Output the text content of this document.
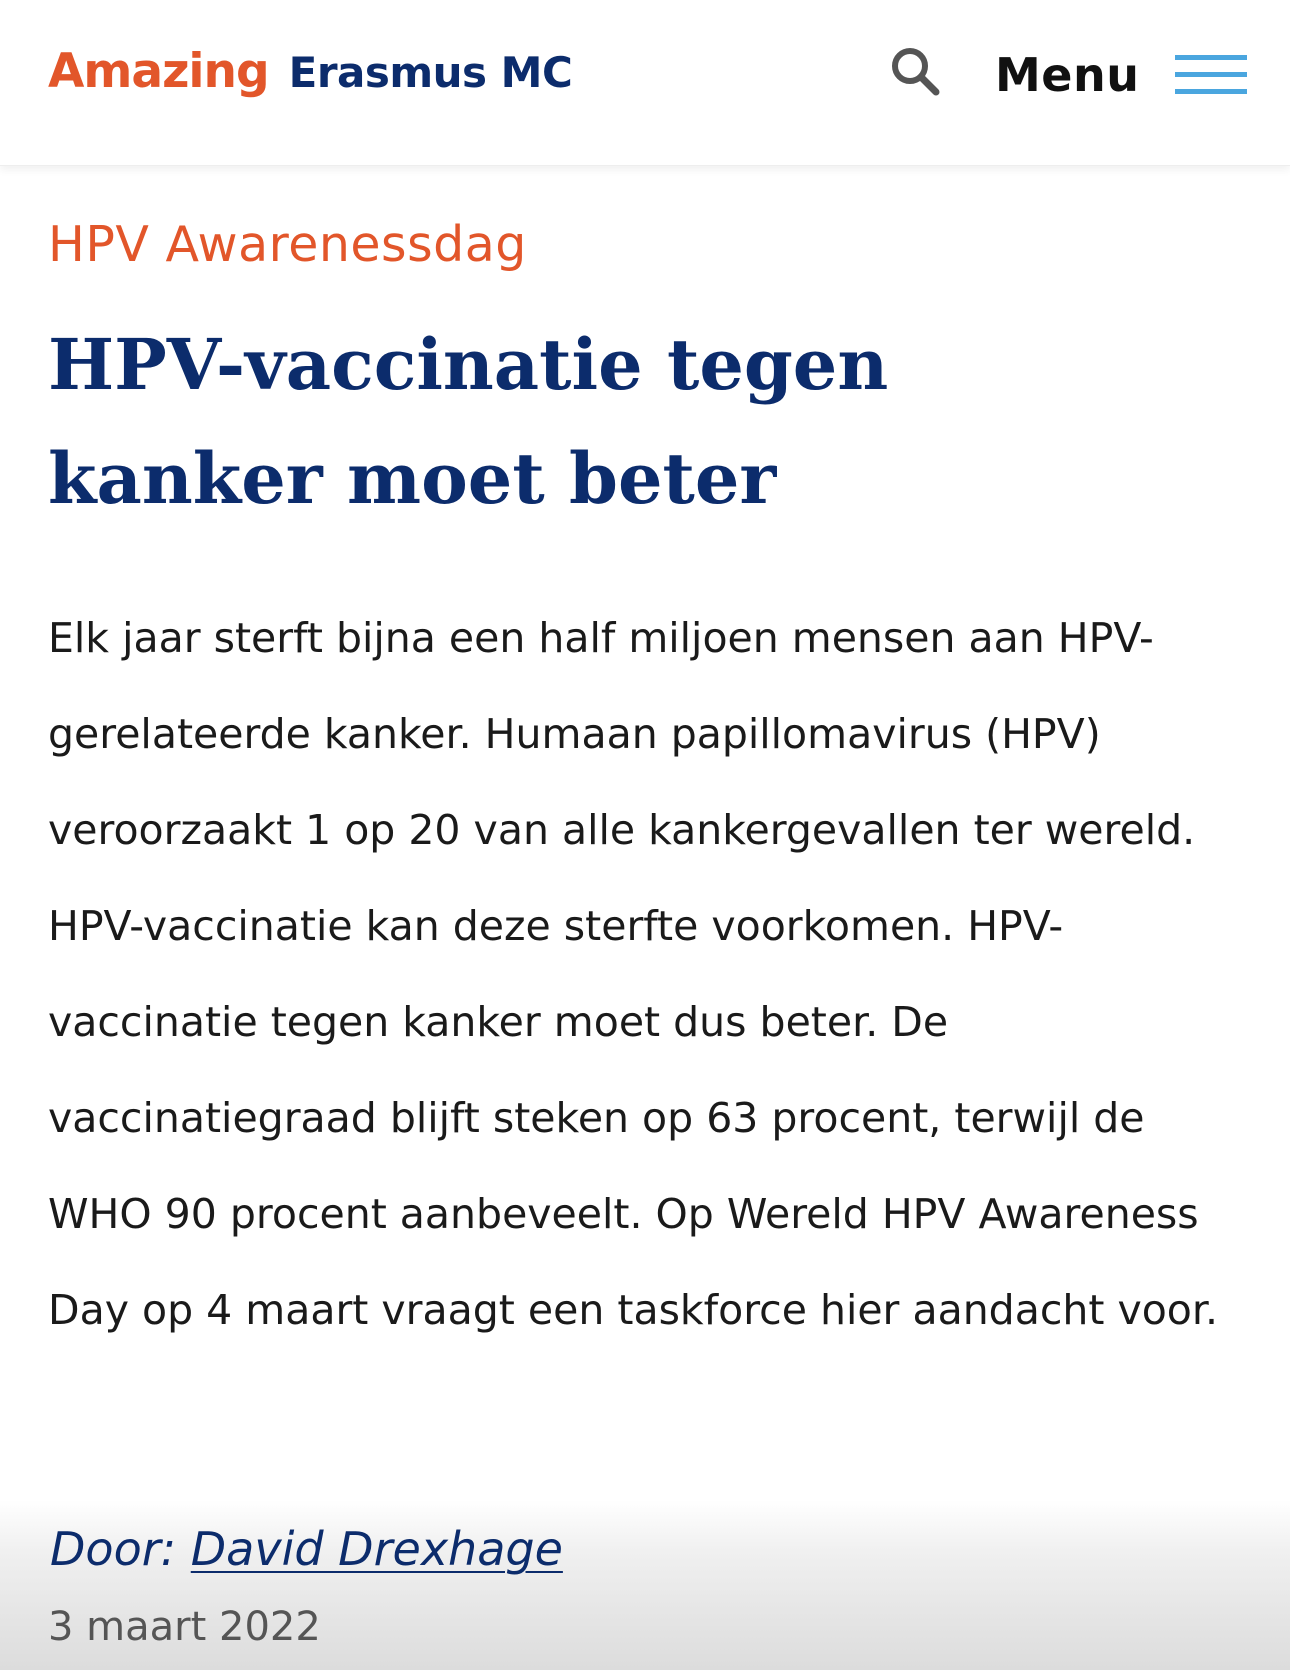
Amazing Erasmus MC	Menu

HPV Awarenessdag

HPV-vaccinatie tegen kanker moet beter

Elk jaar sterft bijna een half miljoen mensen aan HPV-gerelateerde kanker. Humaan papillomavirus (HPV) veroorzaakt 1 op 20 van alle kankergevallen ter wereld. HPV-vaccinatie kan deze sterfte voorkomen. HPV-vaccinatie tegen kanker moet dus beter. De vaccinatiegraad blijft steken op 63 procent, terwijl de WHO 90 procent aanbeveelt. Op Wereld HPV Awareness Day op 4 maart vraagt een taskforce hier aandacht voor.

Door: David Drexhage
3 maart 2022
